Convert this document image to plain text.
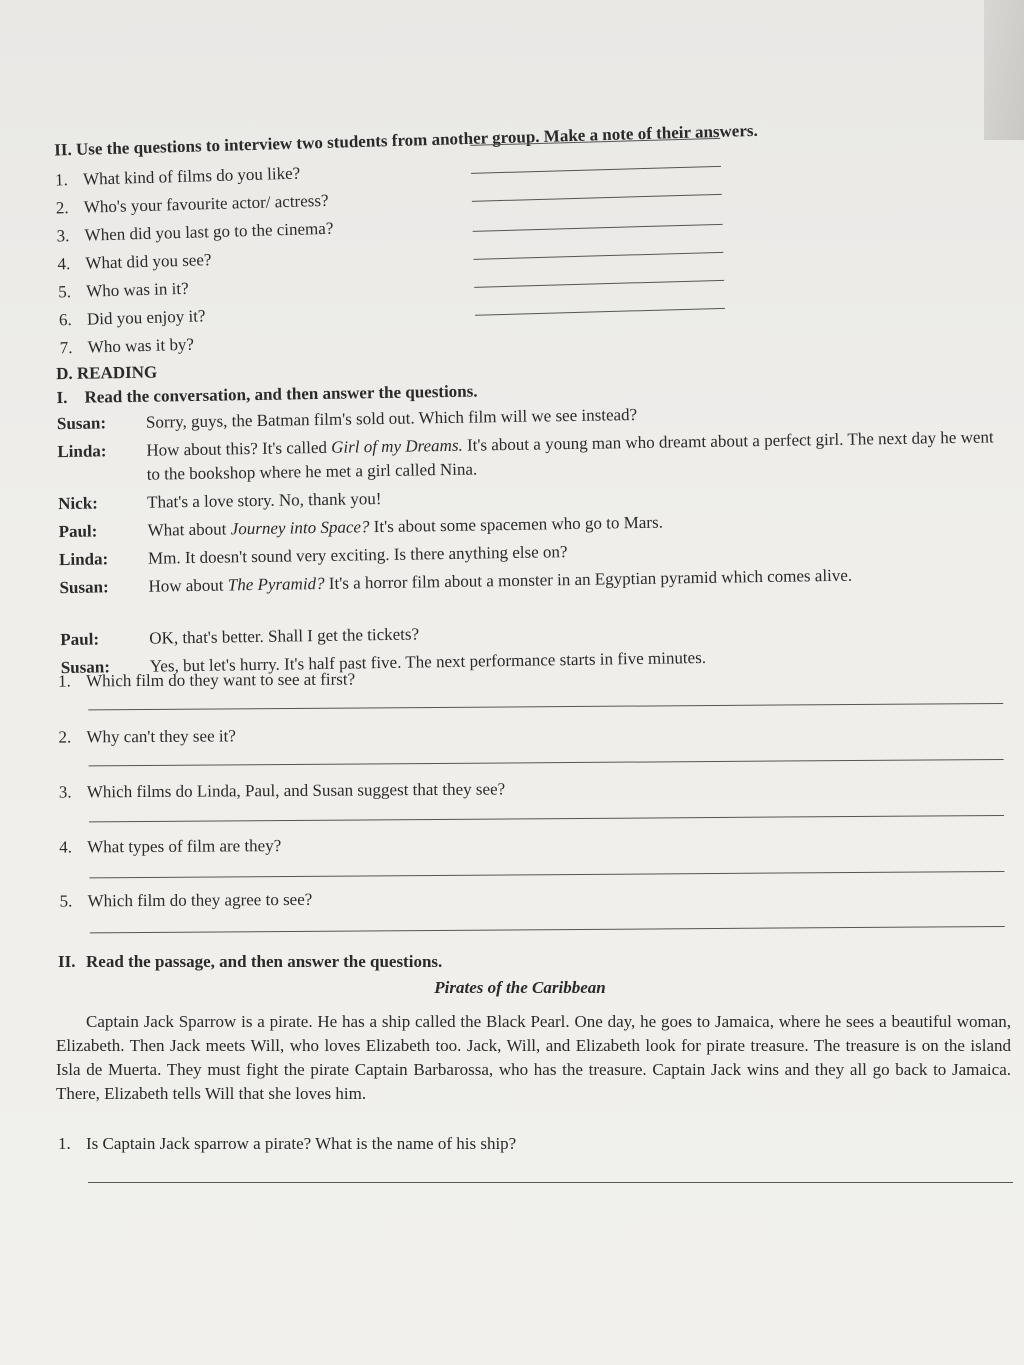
II. Use the questions to interview two students from another group. Make a note of their answers.
1. What kind of films do you like?
2. Who's your favourite actor/ actress?
3. When did you last go to the cinema?
4. What did you see?
5. Who was in it?
6. Did you enjoy it?
7. Who was it by?
D. READING
I. Read the conversation, and then answer the questions.
Susan: Sorry, guys, the Batman film's sold out. Which film will we see instead?
Linda: How about this? It's called Girl of my Dreams. It's about a young man who dreamt about a perfect girl. The next day he went to the bookshop where he met a girl called Nina.
Nick:	That's a love story. No, thank you!
Paul:	What about Journey into Space? It's about some spacemen who go to Mars.
Linda: Mm. It doesn't sound very exciting. Is there anything else on?
Susan: How about The Pyramid? It's a horror film about a monster in an Egyptian pyramid which comes alive.
Paul:	OK, that's better. Shall I get the tickets?
Susan: Yes, but let's hurry. It's half past five. The next performance starts in five minutes.
1. Which film do they want to see at first?
2. Why can't they see it?
3. Which films do Linda, Paul, and Susan suggest that they see?
4. What types of film are they?
5. Which film do they agree to see?
II. Read the passage, and then answer the questions.
Pirates of the Caribbean
Captain Jack Sparrow is a pirate. He has a ship called the Black Pearl. One day, he goes to Jamaica, where he sees a beautiful woman, Elizabeth. Then Jack meets Will, who loves Elizabeth too. Jack, Will, and Elizabeth look for pirate treasure. The treasure is on the island Isla de Muerta. They must fight the pirate Captain Barbarossa, who has the treasure. Captain Jack wins and they all go back to Jamaica. There, Elizabeth tells Will that she loves him.
1. Is Captain Jack sparrow a pirate? What is the name of his ship?
